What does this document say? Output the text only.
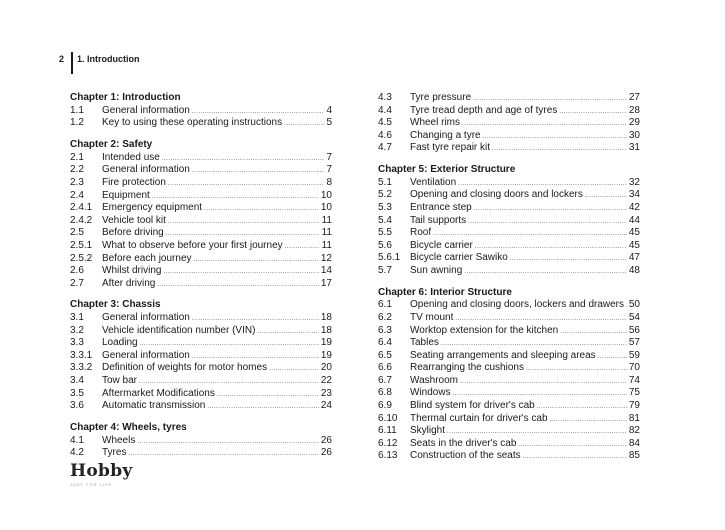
2 1. Introduction
Chapter 1: Introduction
1.1	General information .....	4
1.2	Key to using these operating instructions .....	5
Chapter 2: Safety
2.1	Intended use .....	7
2.2	General information .....	7
2.3	Fire protection .....	8
2.4	Equipment .....	10
2.4.1 Emergency equipment .....	10
2.4.2 Vehicle tool kit .....	11
2.5	Before driving .....	11
2.5.1 What to observe before your first journey .....	11
2.5.2 Before each journey .....	12
2.6	Whilst driving .....	14
2.7	After driving .....	17
Chapter 3: Chassis
3.1	General information .....	18
3.2	Vehicle identification number (VIN) .....	18
3.3	Loading .....	19
3.3.1 General information .....	19
3.3.2 Definition of weights for motor homes .....	20
3.4	Tow bar .....	22
3.5	Aftermarket Modifications .....	23
3.6	Automatic transmission .....	24
Chapter 4: Wheels, tyres
4.1	Wheels .....	26
4.2	Tyres .....	26
4.3	Tyre pressure .....	27
4.4	Tyre tread depth and age of tyres .....	28
4.5	Wheel rims .....	29
4.6	Changing a tyre .....	30
4.7	Fast tyre repair kit .....	31
Chapter 5: Exterior Structure
5.1	Ventilation .....	32
5.2	Opening and closing doors and lockers .....	34
5.3	Entrance step .....	42
5.4	Tail supports .....	44
5.5	Roof .....	45
5.6	Bicycle carrier .....	45
5.6.1 Bicycle carrier Sawiko .....	47
5.7	Sun awning .....	48
Chapter 6: Interior Structure
6.1	Opening and closing doors, lockers and drawers ..... 50
6.2	TV mount .....	54
6.3	Worktop extension for the kitchen .....	56
6.4	Tables .....	57
6.5	Seating arrangements and sleeping areas .....	59
6.6	Rearranging the cushions .....	70
6.7	Washroom .....	74
6.8	Windows .....	75
6.9	Blind system for driver's cab .....	79
6.10	Thermal curtain for driver's cab .....	81
6.11	Skylight .....	82
6.12	Seats in the driver's cab .....	84
6.13	Construction of the seats .....	85
Hobby
JUST FOR LIFE
